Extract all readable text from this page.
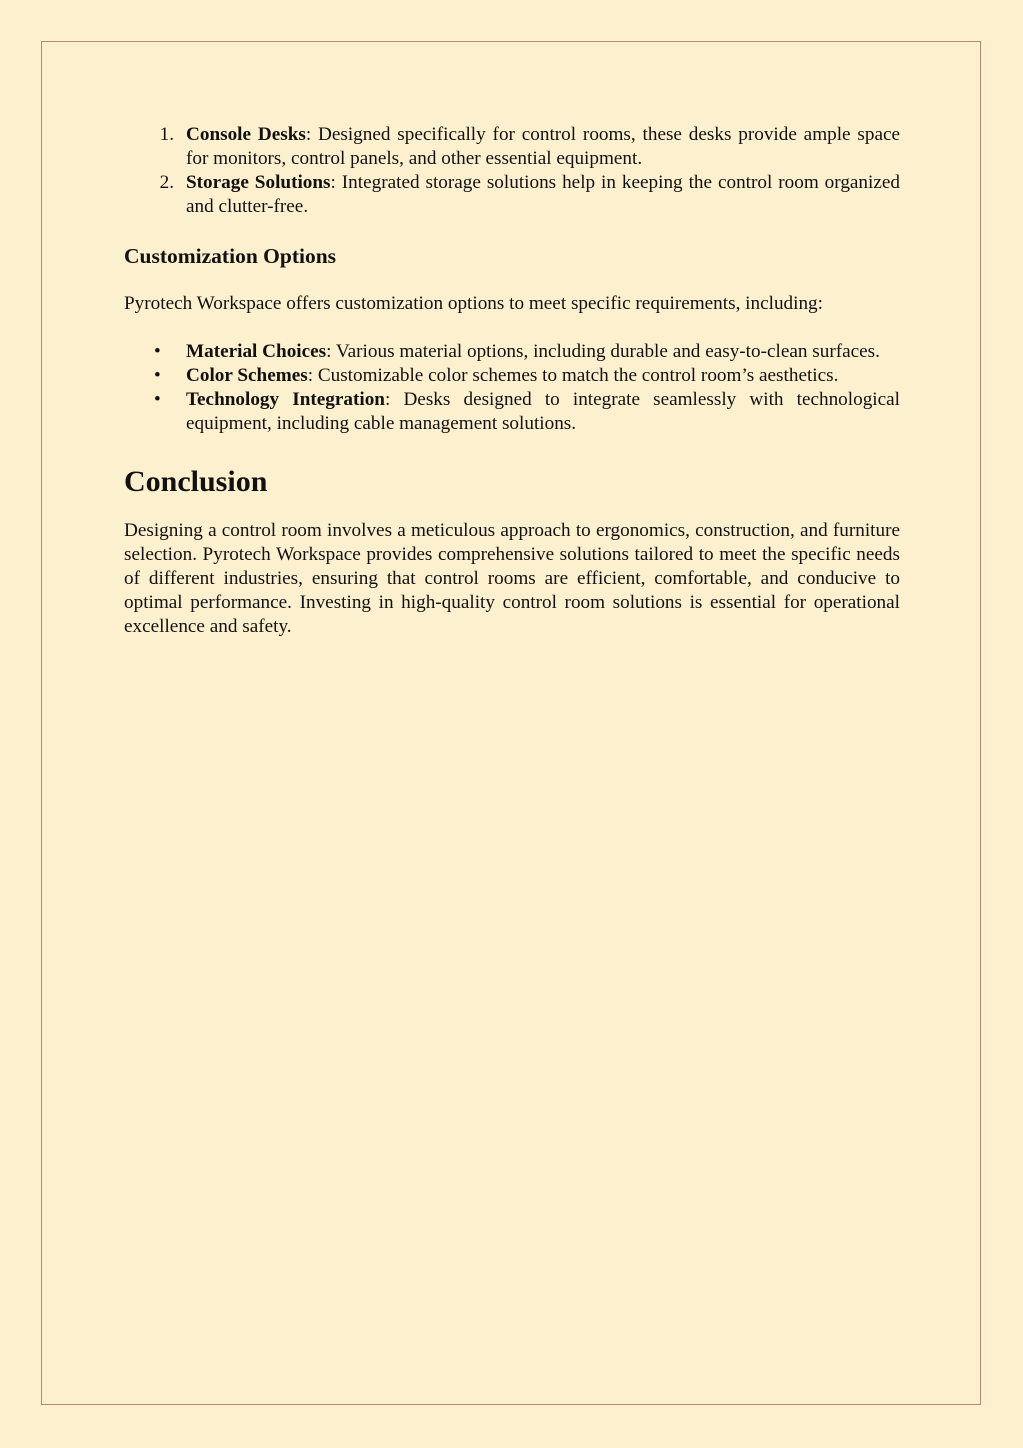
1. Console Desks: Designed specifically for control rooms, these desks provide ample space for monitors, control panels, and other essential equipment.
2. Storage Solutions: Integrated storage solutions help in keeping the control room organized and clutter-free.
Customization Options

Pyrotech Workspace offers customization options to meet specific requirements, including:

• Material Choices: Various material options, including durable and easy-to-clean surfaces.
• Color Schemes: Customizable color schemes to match the control room’s aesthetics.
• Technology Integration: Desks designed to integrate seamlessly with technological equipment, including cable management solutions.
Conclusion

Designing a control room involves a meticulous approach to ergonomics, construction, and furniture selection. Pyrotech Workspace provides comprehensive solutions tailored to meet the specific needs of different industries, ensuring that control rooms are efficient, comfortable, and conducive to optimal performance. Investing in high-quality control room solutions is essential for operational excellence and safety.
